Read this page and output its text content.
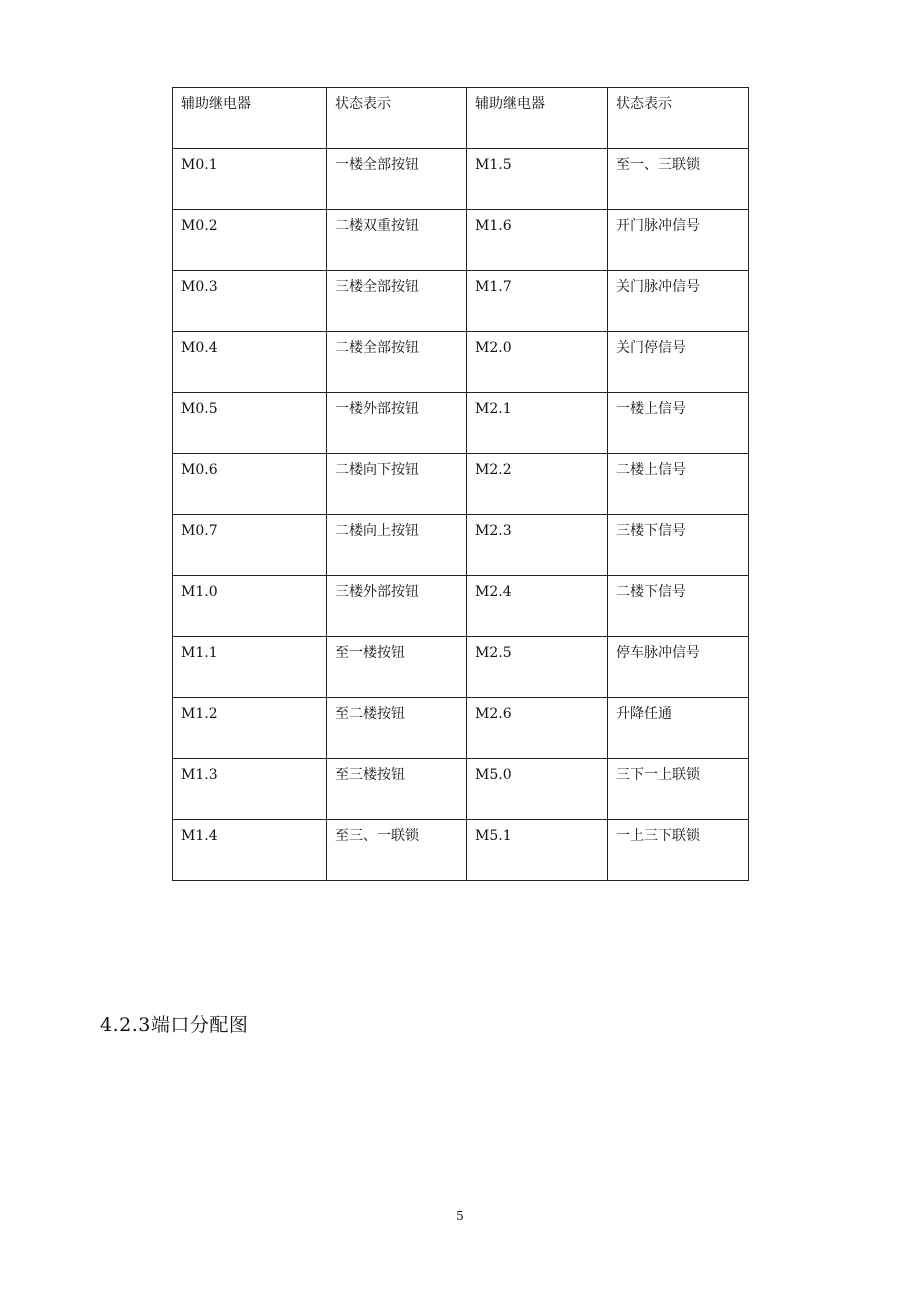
辅助继电器	状态表示	辅助继电器	状态表示
M0.1	一楼全部按钮	M1.5	至一、三联锁
M0.2	二楼双重按钮	M1.6	开门脉冲信号
M0.3	三楼全部按钮	M1.7	关门脉冲信号
M0.4	二楼全部按钮	M2.0	关门停信号
M0.5	一楼外部按钮	M2.1	一楼上信号
M0.6	二楼向下按钮	M2.2	二楼上信号
M0.7	二楼向上按钮	M2.3	三楼下信号
M1.0	三楼外部按钮	M2.4	二楼下信号
M1.1	至一楼按钮	M2.5	停车脉冲信号
M1.2	至二楼按钮	M2.6	升降任通
M1.3	至三楼按钮	M5.0	三下一上联锁
M1.4	至三、一联锁	M5.1	一上三下联锁
4.2.3端口分配图
5
